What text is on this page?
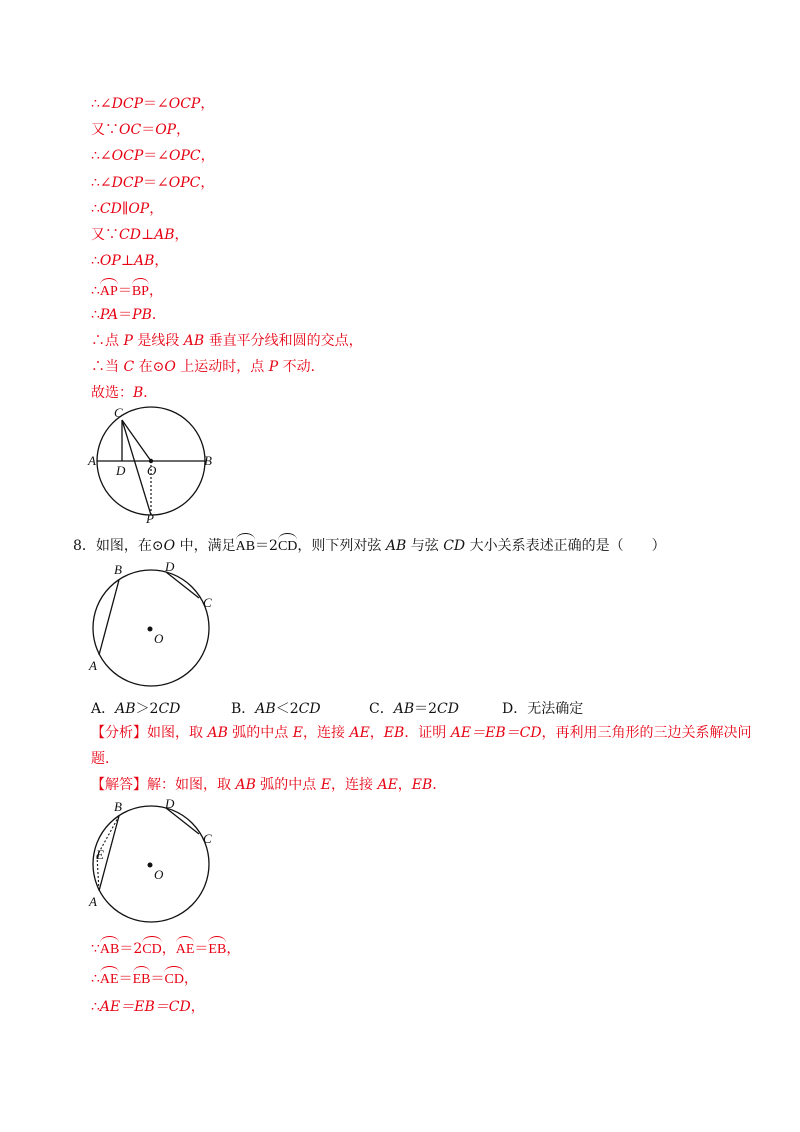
∴∠DCP＝∠OCP，
又∵OC＝OP，
∴∠OCP＝∠OPC，
∴∠DCP＝∠OPC，
∴CD∥OP，
又∵CD⊥AB，
∴OP⊥AB，
∴AP＝BP，
∴PA＝PB．
∴点 P 是线段 AB 垂直平分线和圆的交点，
∴当 C 在⊙O 上运动时，点 P 不动．
故选：B．
C
A
D O
B
P
8．如图，在⊙O 中，满足AB＝2CD，则下列对弦 AB 与弦 CD 大小关系表述正确的是（　　）
B	D
C
O
A
A．AB＞2CD	B．AB＜2CD	C．AB＝2CD	D．无法确定
【分析】如图，取 AB 弧的中点 E，连接 AE，EB．证明 AE＝EB＝CD，再利用三角形的三边关系解决问
题．
【解答】解：如图，取 AB 弧的中点 E，连接 AE，EB．
B	D
C
E
O
A
∵AB＝2CD，AE＝EB，
∴AE＝EB＝CD，
∴AE＝EB＝CD，
